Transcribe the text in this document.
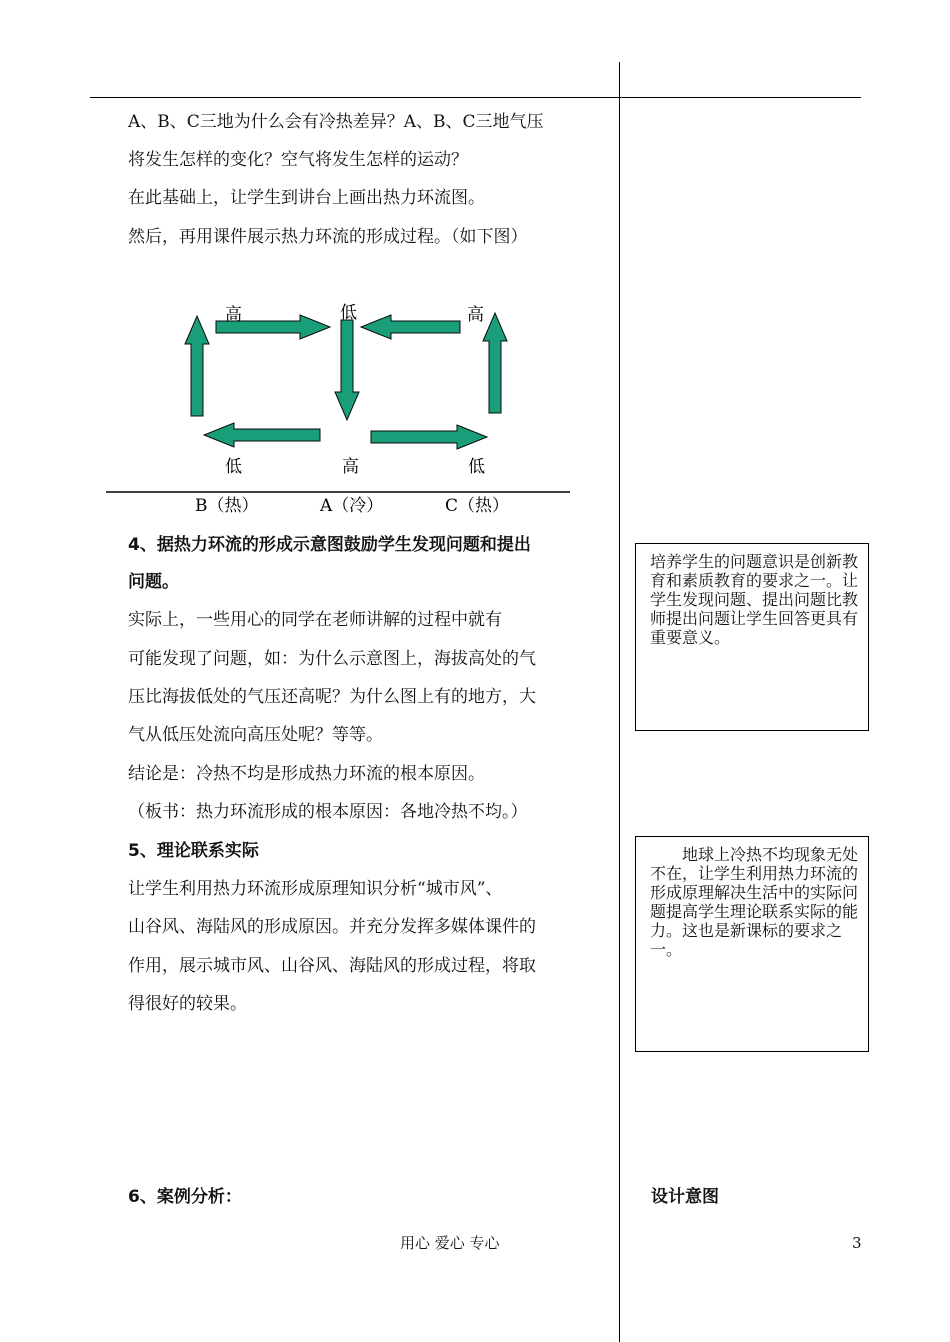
A、B、C三地为什么会有冷热差异？A、B、C三地气压
将发生怎样的变化？空气将发生怎样的运动？
在此基础上，让学生到讲台上画出热力环流图。
然后，再用课件展示热力环流的形成过程。（如下图）
高	低	高
低	高	低
B（热）	A（冷）	C（热）
4、据热力环流的形成示意图鼓励学生发现问题和提出
问题。
实际上，一些用心的同学在老师讲解的过程中就有
可能发现了问题，如：为什么示意图上，海拔高处的气
压比海拔低处的气压还高呢？为什么图上有的地方，大
气从低压处流向高压处呢？等等。
结论是：冷热不均是形成热力环流的根本原因。
（板书：热力环流形成的根本原因：各地冷热不均。）
5、理论联系实际
让学生利用热力环流形成原理知识分析“城市风”、
山谷风、海陆风的形成原因。并充分发挥多媒体课件的
作用，展示城市风、山谷风、海陆风的形成过程，将取
得很好的较果。
6、案例分析：

培养学生的问题意识是创新教育和素质教育的要求之一。让学生发现问题、提出问题比教师提出问题让学生回答更具有重要意义。

地球上冷热不均现象无处不在，让学生利用热力环流的形成原理解决生活中的实际问题提高学生理论联系实际的能力。这也是新课标的要求之一。

设计意图
用心 爱心 专心	3
